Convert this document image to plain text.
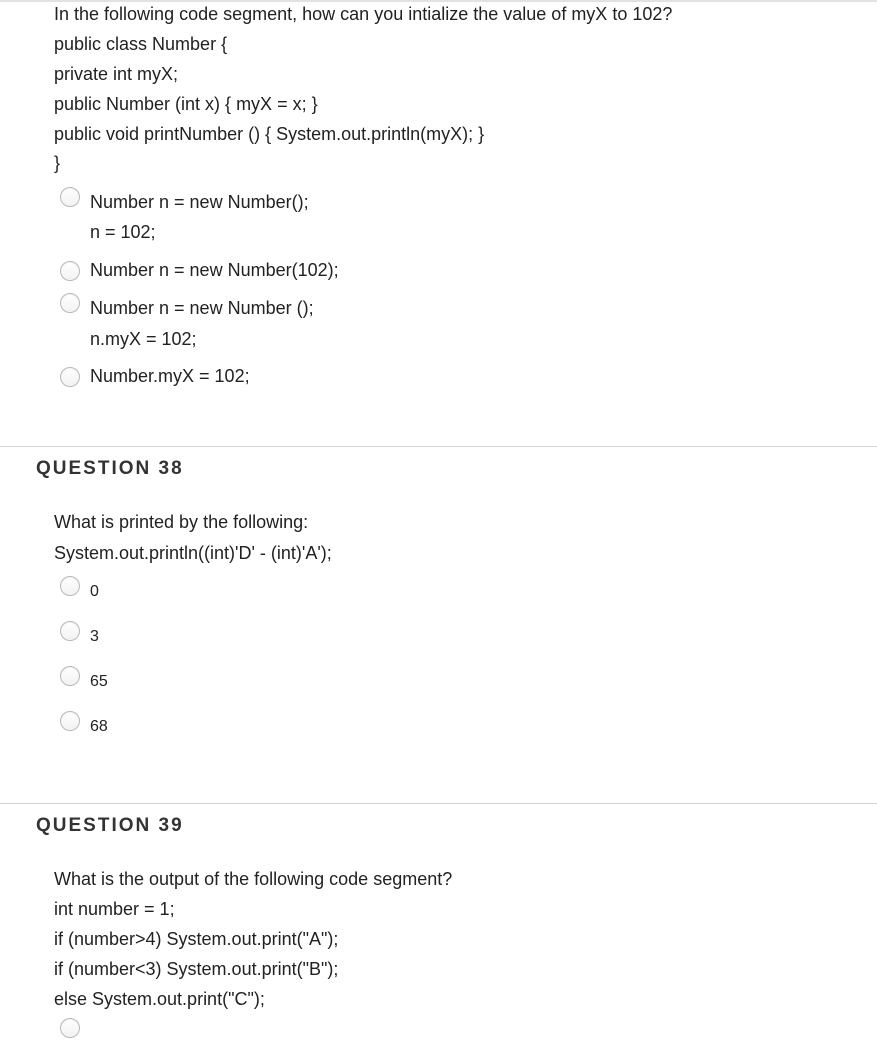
In the following code segment, how can you intialize the value of myX to 102?
public class Number {
private int myX;
public Number (int x) { myX = x; }
public void printNumber () { System.out.println(myX); }
}
Number n = new Number();
n = 102;
Number n = new Number(102);
Number n = new Number ();
n.myX = 102;
Number.myX = 102;
QUESTION 38
What is printed by the following:
System.out.println((int)'D' - (int)'A');
0
3
65
68
QUESTION 39
What is the output of the following code segment?
int number = 1;
if (number>4) System.out.print("A");
if (number<3) System.out.print("B");
else System.out.print("C");
